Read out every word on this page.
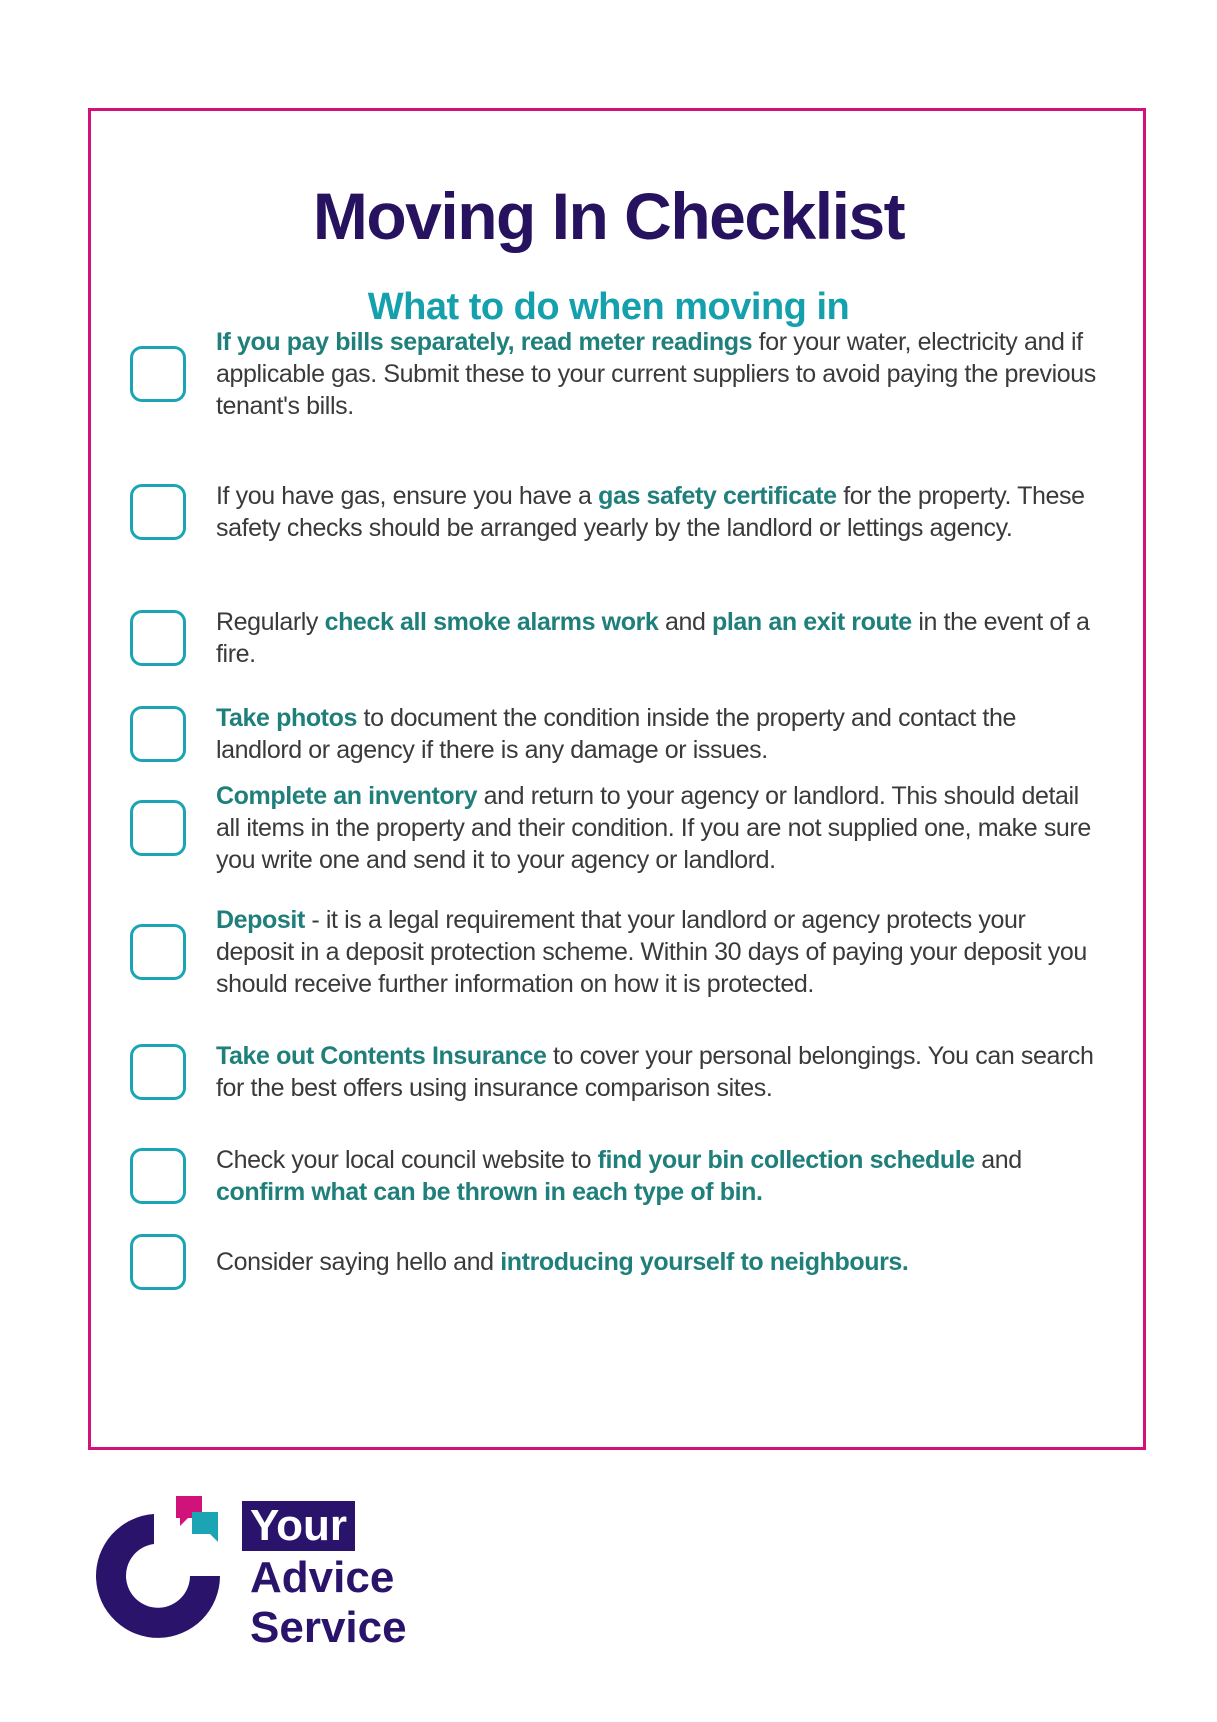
Moving In Checklist
What to do when moving in
If you pay bills separately, read meter readings for your water, electricity and if applicable gas. Submit these to your current suppliers to avoid paying the previous tenant's bills.
If you have gas, ensure you have a gas safety certificate for the property. These safety checks should be arranged yearly by the landlord or lettings agency.
Regularly check all smoke alarms work and plan an exit route in the event of a fire.
Take photos to document the condition inside the property and contact the landlord or agency if there is any damage or issues.
Complete an inventory and return to your agency or landlord. This should detail all items in the property and their condition. If you are not supplied one, make sure you write one and send it to your agency or landlord.
Deposit - it is a legal requirement that your landlord or agency protects your deposit in a deposit protection scheme. Within 30 days of paying your deposit you should receive further information on how it is protected.
Take out Contents Insurance to cover your personal belongings. You can search for the best offers using insurance comparison sites.
Check your local council website to find your bin collection schedule and confirm what can be thrown in each type of bin.
Consider saying hello and introducing yourself to neighbours.
Your
Advice
Service
